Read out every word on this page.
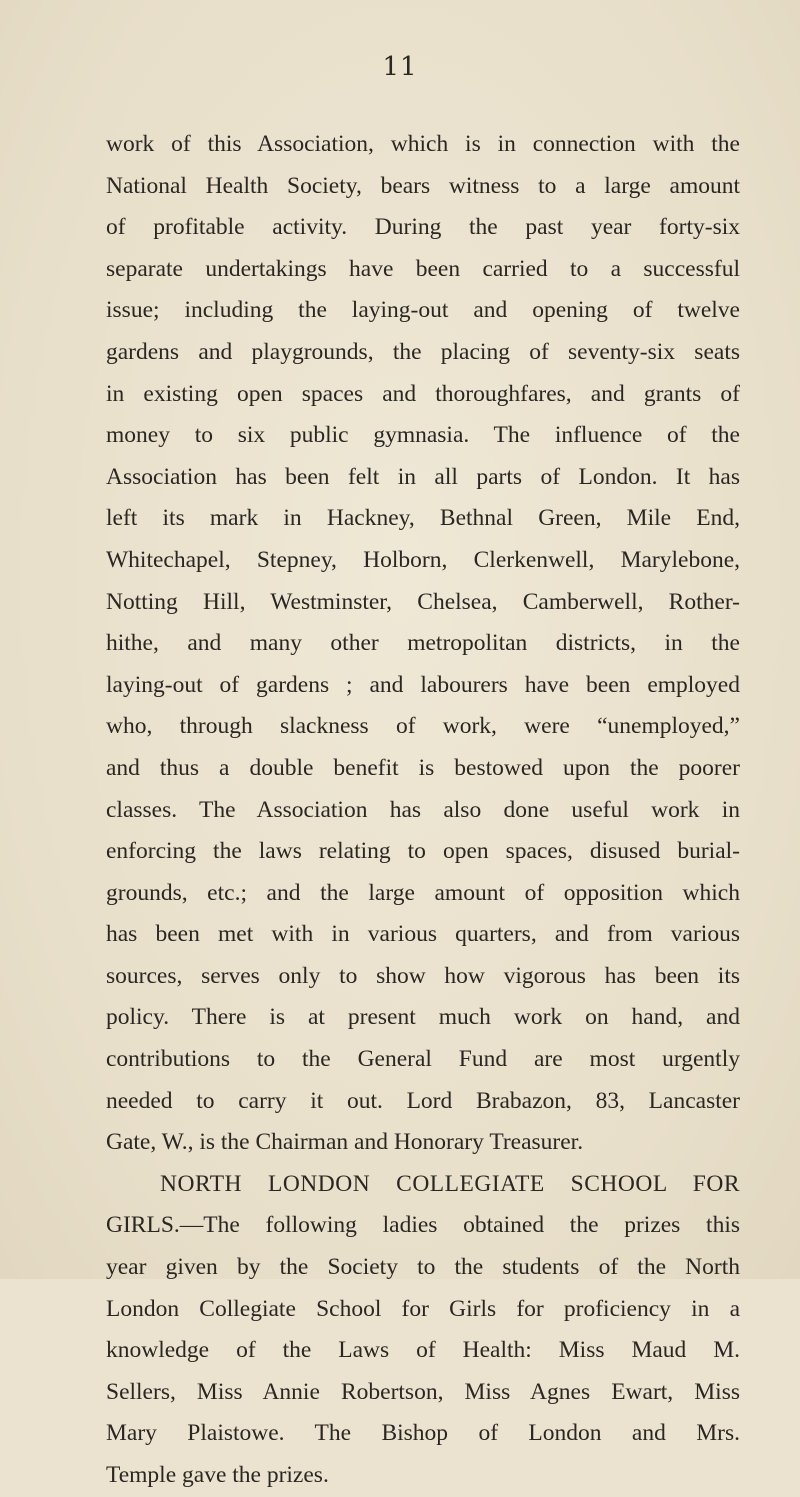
11
work of this Association, which is in connection with the
National Health Society, bears witness to a large amount
of profitable activity. During the past year forty-six
separate undertakings have been carried to a successful
issue; including the laying-out and opening of twelve
gardens and playgrounds, the placing of seventy-six seats
in existing open spaces and thoroughfares, and grants of
money to six public gymnasia. The influence of the
Association has been felt in all parts of London. It has
left its mark in Hackney, Bethnal Green, Mile End,
Whitechapel, Stepney, Holborn, Clerkenwell, Marylebone,
Notting Hill, Westminster, Chelsea, Camberwell, Rother-
hithe, and many other metropolitan districts, in the
laying-out of gardens ; and labourers have been employed
who, through slackness of work, were “unemployed,”
and thus a double benefit is bestowed upon the poorer
classes. The Association has also done useful work in
enforcing the laws relating to open spaces, disused burial-
grounds, etc.; and the large amount of opposition which
has been met with in various quarters, and from various
sources, serves only to show how vigorous has been its
policy. There is at present much work on hand, and
contributions to the General Fund are most urgently
needed to carry it out. Lord Brabazon, 83, Lancaster
Gate, W., is the Chairman and Honorary Treasurer.
NORTH LONDON COLLEGIATE SCHOOL FOR
GIRLS.—The following ladies obtained the prizes this
year given by the Society to the students of the North
London Collegiate School for Girls for proficiency in a
knowledge of the Laws of Health: Miss Maud M.
Sellers, Miss Annie Robertson, Miss Agnes Ewart, Miss
Mary Plaistowe. The Bishop of London and Mrs.
Temple gave the prizes.
